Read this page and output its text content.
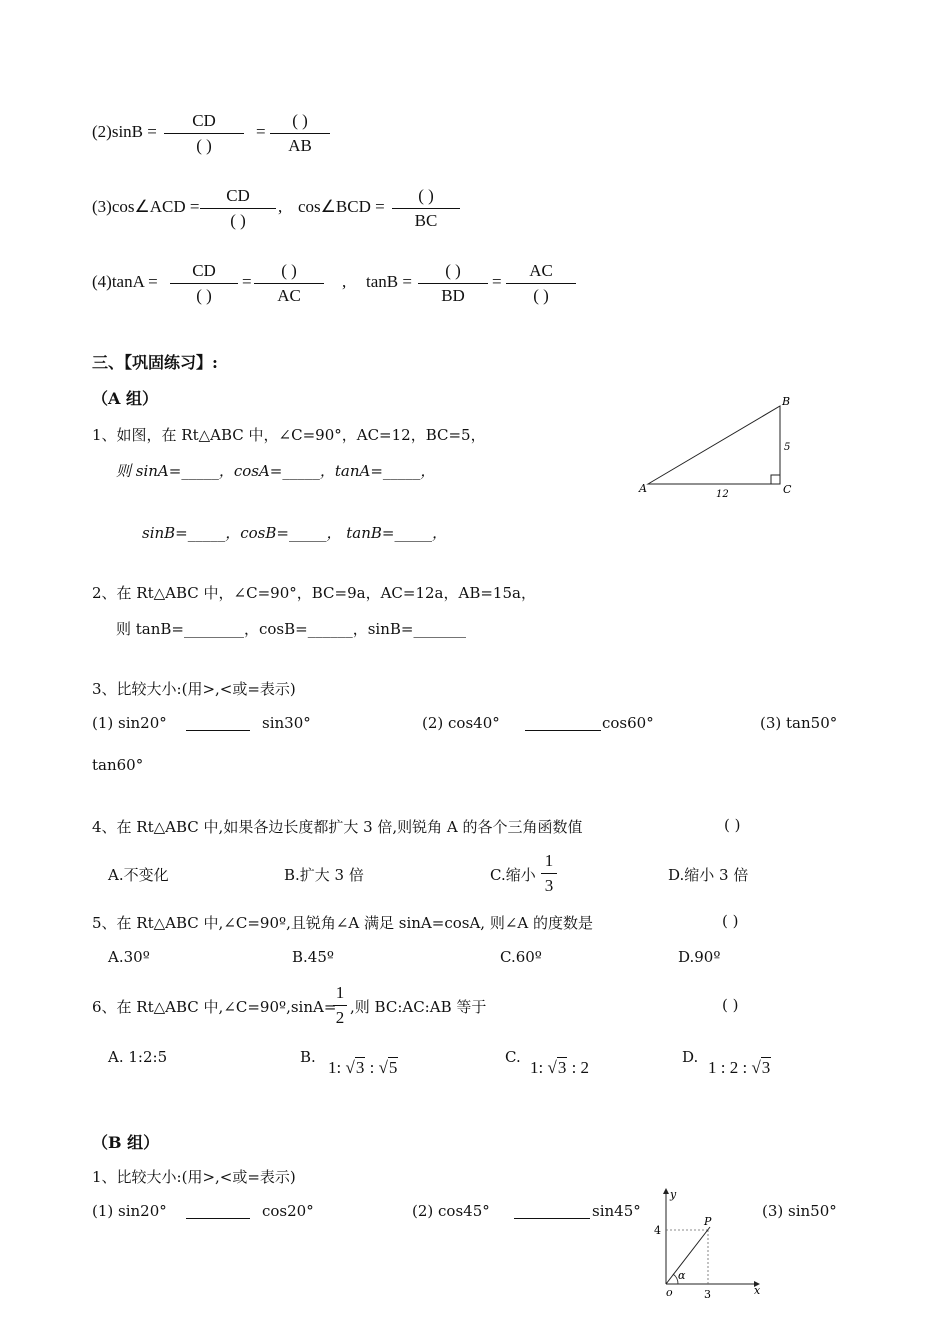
(2)sinB =
CD
( )
=
( )
AB
(3)cos∠ACD =
CD
( )
, cos∠BCD =
( )
BC
(4)tanA =
CD
( )
=
( )
AC
, tanB =
( )
BD
=
AC
( )
三、【巩固练习】:
（A 组）
1、如图，在 Rt△ABC 中，∠C=90°，AC=12，BC=5，
则 sinA=_____，cosA=_____，tanA=_____，
sinB=_____，cosB=_____， tanB=_____，
A
B
C
12
5
2、在 Rt△ABC 中，∠C=90°，BC=9a，AC=12a，AB=15a，
则 tanB=________，cosB=______，sinB=_______
3、比较大小:(用>,<或=表示)
(1) sin20°	sin30°	(2) cos40°	cos60°	(3) tan50°
tan60°
4、在 Rt△ABC 中,如果各边长度都扩大 3 倍,则锐角 A 的各个三角函数值	( )
A.不变化	B.扩大 3 倍	C.缩小
1
3
D.缩小 3 倍
5、在 Rt△ABC 中,∠C=90º,且锐角∠A 满足 sinA=cosA, 则∠A 的度数是	( )
A.30º	B.45º	C.60º	D.90º
6、在 Rt△ABC 中,∠C=90º,sinA=
1
2
,则 BC:AC:AB 等于	( )
A. 1:2:5	B.
1: √3 : √5
C.
1: √3 : 2
D.
1 : 2 : √3
（B 组）
1、比较大小:(用>,<或=表示)
(1) sin20°	cos20°	(2) cos45°	sin45°	(3) sin50°
y
x
o
P
4
3
α
